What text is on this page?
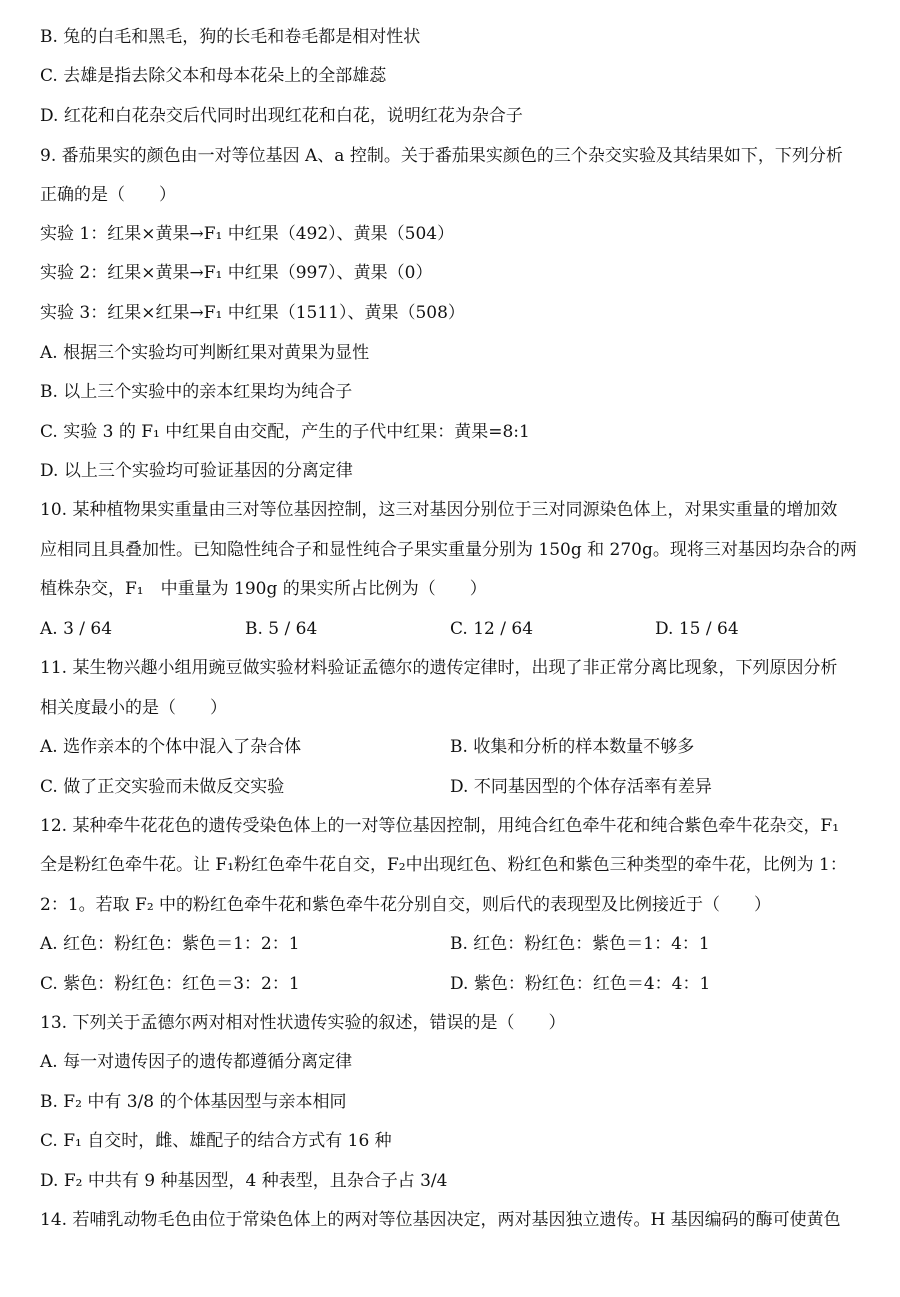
B. 兔的白毛和黑毛，狗的长毛和卷毛都是相对性状
C. 去雄是指去除父本和母本花朵上的全部雄蕊
D. 红花和白花杂交后代同时出现红花和白花，说明红花为杂合子
9. 番茄果实的颜色由一对等位基因 A、a 控制。关于番茄果实颜色的三个杂交实验及其结果如下，下列分析
正确的是（　　）
实验 1：红果×黄果→F₁ 中红果（492）、黄果（504）
实验 2：红果×黄果→F₁ 中红果（997）、黄果（0）
实验 3：红果×红果→F₁ 中红果（1511）、黄果（508）
A. 根据三个实验均可判断红果对黄果为显性
B. 以上三个实验中的亲本红果均为纯合子
C. 实验 3 的 F₁ 中红果自由交配，产生的子代中红果：黄果=8:1
D. 以上三个实验均可验证基因的分离定律
10. 某种植物果实重量由三对等位基因控制，这三对基因分别位于三对同源染色体上，对果实重量的增加效
应相同且具叠加性。已知隐性纯合子和显性纯合子果实重量分别为 150g 和 270g。现将三对基因均杂合的两
植株杂交，F₁　中重量为 190g 的果实所占比例为（　　）
A. 3 / 64	B. 5 / 64	C. 12 / 64	D. 15 / 64
11. 某生物兴趣小组用豌豆做实验材料验证孟德尔的遗传定律时，出现了非正常分离比现象，下列原因分析
相关度最小的是（　　）
A. 选作亲本的个体中混入了杂合体	B. 收集和分析的样本数量不够多
C. 做了正交实验而未做反交实验	D. 不同基因型的个体存活率有差异
12. 某种牵牛花花色的遗传受染色体上的一对等位基因控制，用纯合红色牵牛花和纯合紫色牵牛花杂交，F₁
全是粉红色牵牛花。让 F₁粉红色牵牛花自交，F₂中出现红色、粉红色和紫色三种类型的牵牛花，比例为 1：
2：1。若取 F₂ 中的粉红色牵牛花和紫色牵牛花分别自交，则后代的表现型及比例接近于（　　）
A. 红色：粉红色：紫色＝1：2：1	B. 红色：粉红色：紫色＝1：4：1
C. 紫色：粉红色：红色＝3：2：1	D. 紫色：粉红色：红色＝4：4：1
13. 下列关于孟德尔两对相对性状遗传实验的叙述，错误的是（　　）
A. 每一对遗传因子的遗传都遵循分离定律
B. F₂ 中有 3/8 的个体基因型与亲本相同
C. F₁ 自交时，雌、雄配子的结合方式有 16 种
D. F₂ 中共有 9 种基因型，4 种表型，且杂合子占 3/4
14. 若哺乳动物毛色由位于常染色体上的两对等位基因决定，两对基因独立遗传。H 基因编码的酶可使黄色
